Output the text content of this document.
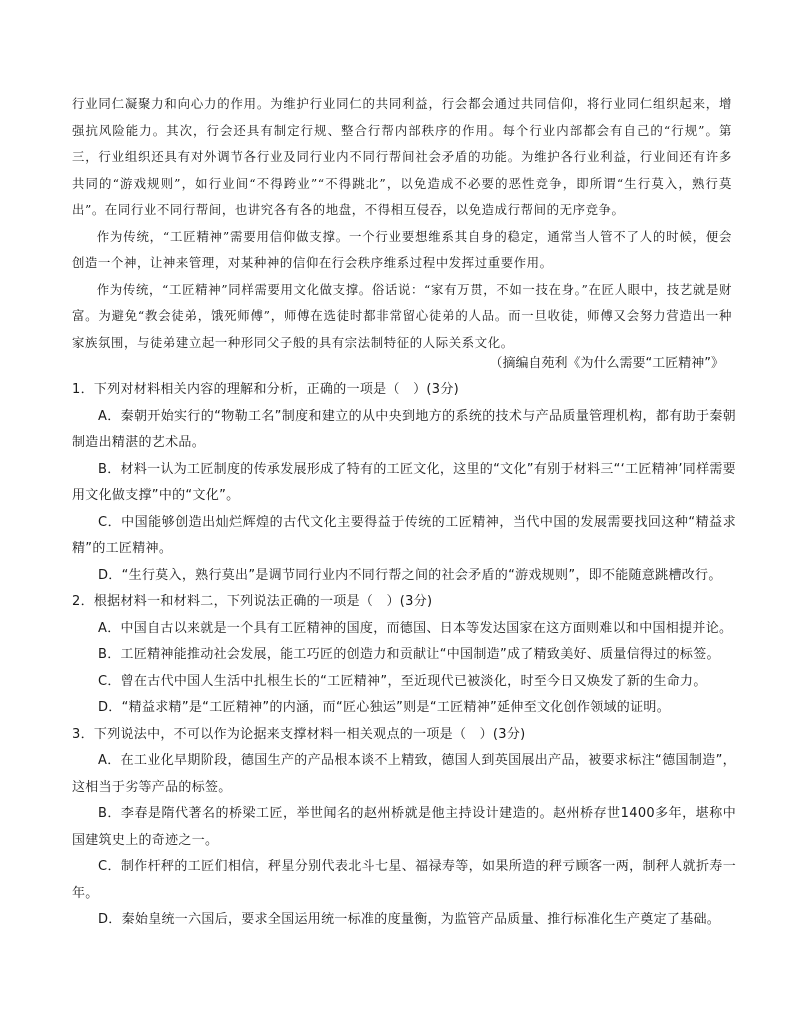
行业同仁凝聚力和向心力的作用。为维护行业同仁的共同利益，行会都会通过共同信仰，将行业同仁组织起来，增强抗风险能力。其次，行会还具有制定行规、整合行帮内部秩序的作用。每个行业内部都会有自己的“行规”。第三，行业组织还具有对外调节各行业及同行业内不同行帮间社会矛盾的功能。为维护各行业利益，行业间还有许多共同的“游戏规则”，如行业间“不得跨业”“不得跳北”，以免造成不必要的恶性竞争，即所谓“生行莫入，熟行莫出”。在同行业不同行帮间，也讲究各有各的地盘，不得相互侵吞，以免造成行帮间的无序竞争。

作为传统，“工匠精神”需要用信仰做支撑。一个行业要想维系其自身的稳定，通常当人管不了人的时候，便会创造一个神，让神来管理，对某种神的信仰在行会秩序维系过程中发挥过重要作用。

作为传统，“工匠精神”同样需要用文化做支撑。俗话说：“家有万贯，不如一技在身。”在匠人眼中，技艺就是财富。为避免“教会徒弟，饿死师傅”，师傅在选徒时都非常留心徒弟的人品。而一旦收徒，师傅又会努力营造出一种家族氛围，与徒弟建立起一种形同父子般的具有宗法制特征的人际关系文化。

（摘编自苑利《为什么需要“工匠精神”》

1．下列对材料相关内容的理解和分析，正确的一项是（　）(3分)

A．秦朝开始实行的“物勒工名”制度和建立的从中央到地方的系统的技术与产品质量管理机构，都有助于秦朝制造出精湛的艺术品。

B．材料一认为工匠制度的传承发展形成了特有的工匠文化，这里的“文化”有别于材料三“‘工匠精神’同样需要用文化做支撑”中的“文化”。

C．中国能够创造出灿烂辉煌的古代文化主要得益于传统的工匠精神，当代中国的发展需要找回这种“精益求精”的工匠精神。

D．“生行莫入，熟行莫出”是调节同行业内不同行帮之间的社会矛盾的“游戏规则”，即不能随意跳槽改行。

2．根据材料一和材料二，下列说法正确的一项是（　）(3分)

A．中国自古以来就是一个具有工匠精神的国度，而德国、日本等发达国家在这方面则难以和中国相提并论。

B．工匠精神能推动社会发展，能工巧匠的创造力和贡献让“中国制造”成了精致美好、质量信得过的标签。

C．曾在古代中国人生活中扎根生长的“工匠精神”，至近现代已被淡化，时至今日又焕发了新的生命力。

D．“精益求精”是“工匠精神”的内涵，而“匠心独运”则是“工匠精神”延伸至文化创作领域的证明。

3．下列说法中，不可以作为论据来支撑材料一相关观点的一项是（　）(3分)

A．在工业化早期阶段，德国生产的产品根本谈不上精致，德国人到英国展出产品，被要求标注“德国制造”，这相当于劣等产品的标签。

B．李春是隋代著名的桥梁工匠，举世闻名的赵州桥就是他主持设计建造的。赵州桥存世1400多年，堪称中国建筑史上的奇迹之一。

C．制作杆秤的工匠们相信，秤星分别代表北斗七星、福禄寿等，如果所造的秤亏顾客一两，制秤人就折寿一年。

D．秦始皇统一六国后，要求全国运用统一标准的度量衡，为监管产品质量、推行标准化生产奠定了基础。
